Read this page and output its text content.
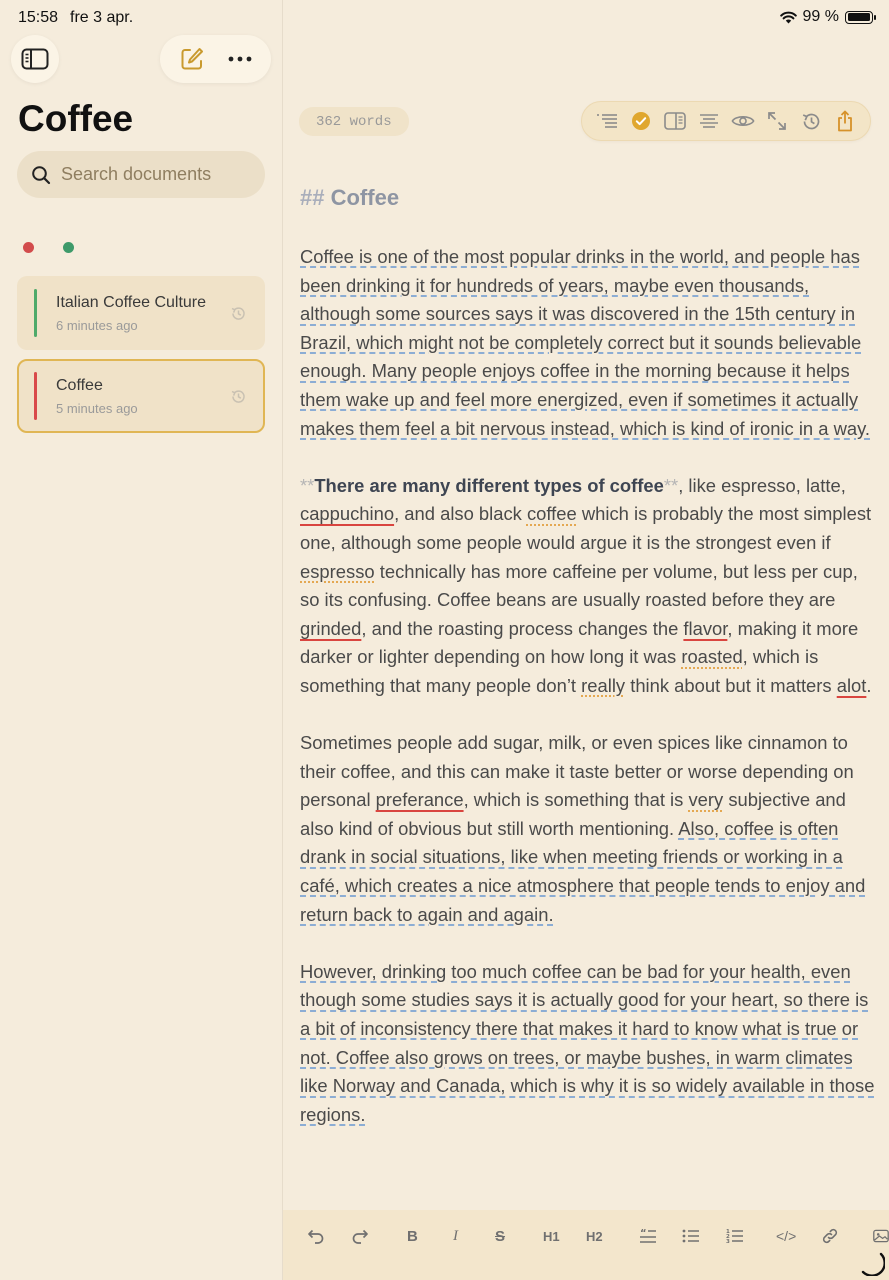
15:58 fre 3 apr.	99 %
Coffee
Search documents
Italian Coffee Culture
6 minutes ago
Coffee
5 minutes ago
362 words
## Coffee

Coffee is one of the most popular drinks in the world, and people has been drinking it for hundreds of years, maybe even thousands, although some sources says it was discovered in the 15th century in Brazil, which might not be completely correct but it sounds believable enough. Many people enjoys coffee in the morning because it helps them wake up and feel more energized, even if sometimes it actually makes them feel a bit nervous instead, which is kind of ironic in a way.

**There are many different types of coffee**, like espresso, latte, cappuchino, and also black coffee which is probably the most simplest one, although some people would argue it is the strongest even if espresso technically has more caffeine per volume, but less per cup, so its confusing. Coffee beans are usually roasted before they are grinded, and the roasting process changes the flavor, making it more darker or lighter depending on how long it was roasted, which is something that many people don’t really think about but it matters alot.

Sometimes people add sugar, milk, or even spices like cinnamon to their coffee, and this can make it taste better or worse depending on personal preferance, which is something that is very subjective and also kind of obvious but still worth mentioning. Also, coffee is often drank in social situations, like when meeting friends or working in a café, which creates a nice atmosphere that people tends to enjoy and return back to again and again.

However, drinking too much coffee can be bad for your health, even though some studies says it is actually good for your heart, so there is a bit of inconsistency there that makes it hard to know what is true or not. Coffee also grows on trees, or maybe bushes, in warm climates like Norway and Canada, which is why it is so widely available in those regions.

B I S	H1 H2	“	1
2
3	</>
